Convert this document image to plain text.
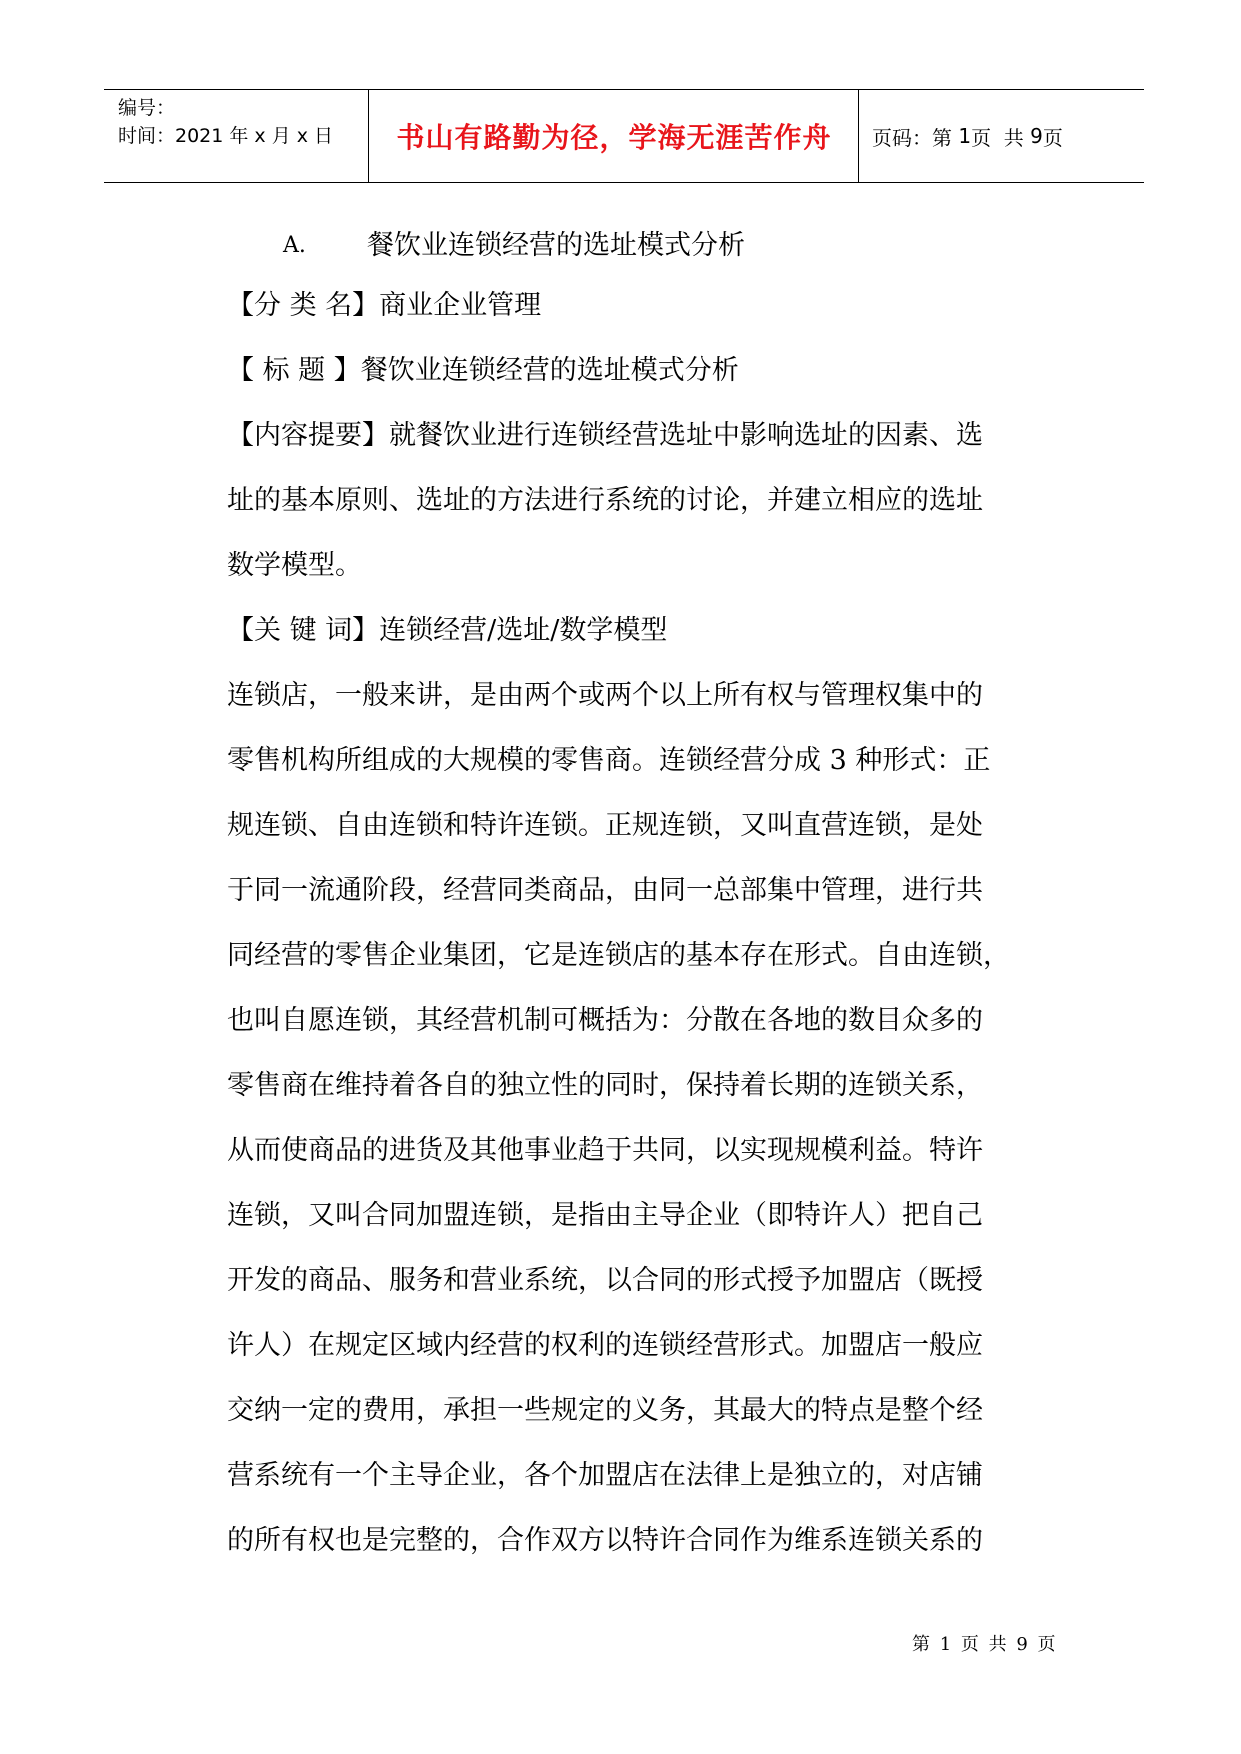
编号：
时间：2021 年 x 月 x 日	书山有路勤为径，学海无涯苦作舟	页码：第 1 页  共 9 页
A. 餐饮业连锁经营的选址模式分析
【分 类 名】商业企业管理
【 标 题 】餐饮业连锁经营的选址模式分析
【内容提要】就餐饮业进行连锁经营选址中影响选址的因素、选
址的基本原则、选址的方法进行系统的讨论，并建立相应的选址
数学模型。
【关 键 词】连锁经营/选址/数学模型
连锁店，一般来讲，是由两个或两个以上所有权与管理权集中的
零售机构所组成的大规模的零售商。连锁经营分成 3 种形式：正
规连锁、自由连锁和特许连锁。正规连锁，又叫直营连锁，是处
于同一流通阶段，经营同类商品，由同一总部集中管理，进行共
同经营的零售企业集团，它是连锁店的基本存在形式。自由连锁，
也叫自愿连锁，其经营机制可概括为：分散在各地的数目众多的
零售商在维持着各自的独立性的同时，保持着长期的连锁关系，
从而使商品的进货及其他事业趋于共同，以实现规模利益。特许
连锁，又叫合同加盟连锁，是指由主导企业（即特许人）把自己
开发的商品、服务和营业系统，以合同的形式授予加盟店（既授
许人）在规定区域内经营的权利的连锁经营形式。加盟店一般应
交纳一定的费用，承担一些规定的义务，其最大的特点是整个经
营系统有一个主导企业，各个加盟店在法律上是独立的，对店铺
的所有权也是完整的，合作双方以特许合同作为维系连锁关系的
第 1 页 共 9 页
